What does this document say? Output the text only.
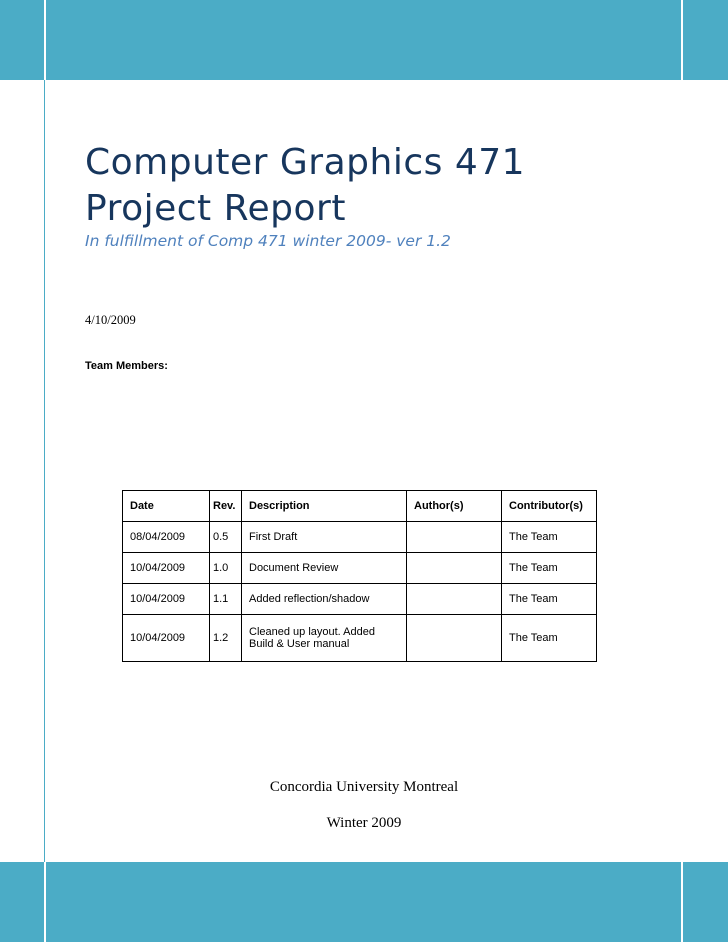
Computer Graphics 471
Project Report
In fulfillment of Comp 471 winter 2009- ver 1.2
4/10/2009
Team Members:
Date	Rev.	Description	Author(s)	Contributor(s)
08/04/2009	0.5	First Draft		The Team
10/04/2009	1.0	Document Review		The Team
10/04/2009	1.1	Added reflection/shadow		The Team
10/04/2009	1.2	Cleaned up layout. Added
Build & User manual		The Team
Concordia University Montreal
Winter 2009
